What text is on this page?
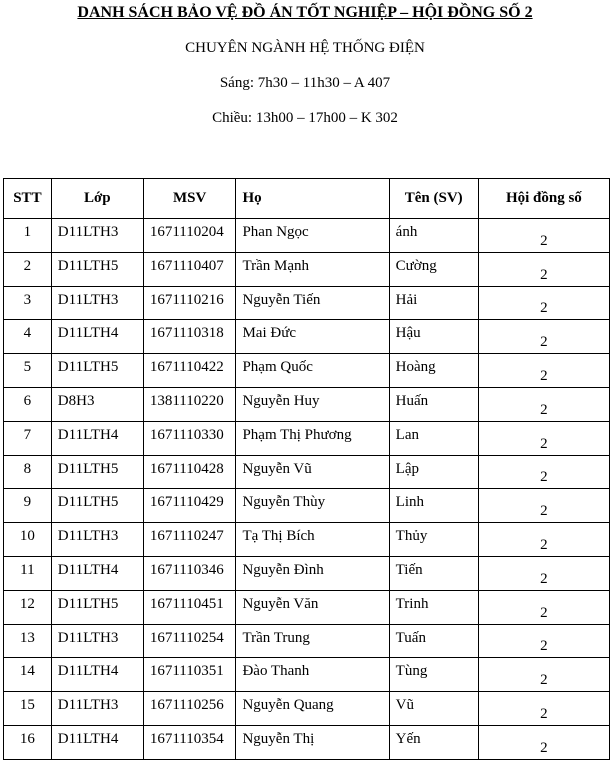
DANH SÁCH BẢO VỆ ĐỒ ÁN TỐT NGHIỆP – HỘI ĐỒNG SỐ 2
CHUYÊN NGÀNH HỆ THỐNG ĐIỆN
Sáng: 7h30 – 11h30 – A 407
Chiều: 13h00 – 17h00 – K 302
STT	Lớp	MSV	Họ	Tên (SV)	Hội đồng số
1	D11LTH3	1671110204	Phan Ngọc	ánh	2
2	D11LTH5	1671110407	Trần Mạnh	Cường	2
3	D11LTH3	1671110216	Nguyễn Tiến	Hải	2
4	D11LTH4	1671110318	Mai Đức	Hậu	2
5	D11LTH5	1671110422	Phạm Quốc	Hoàng	2
6	D8H3	1381110220	Nguyễn Huy	Huấn	2
7	D11LTH4	1671110330	Phạm Thị Phương	Lan	2
8	D11LTH5	1671110428	Nguyễn Vũ	Lập	2
9	D11LTH5	1671110429	Nguyễn Thùy	Linh	2
10	D11LTH3	1671110247	Tạ Thị Bích	Thủy	2
11	D11LTH4	1671110346	Nguyễn Đình	Tiến	2
12	D11LTH5	1671110451	Nguyễn Văn	Trinh	2
13	D11LTH3	1671110254	Trần Trung	Tuấn	2
14	D11LTH4	1671110351	Đào Thanh	Tùng	2
15	D11LTH3	1671110256	Nguyễn Quang	Vũ	2
16	D11LTH4	1671110354	Nguyễn Thị	Yến	2
